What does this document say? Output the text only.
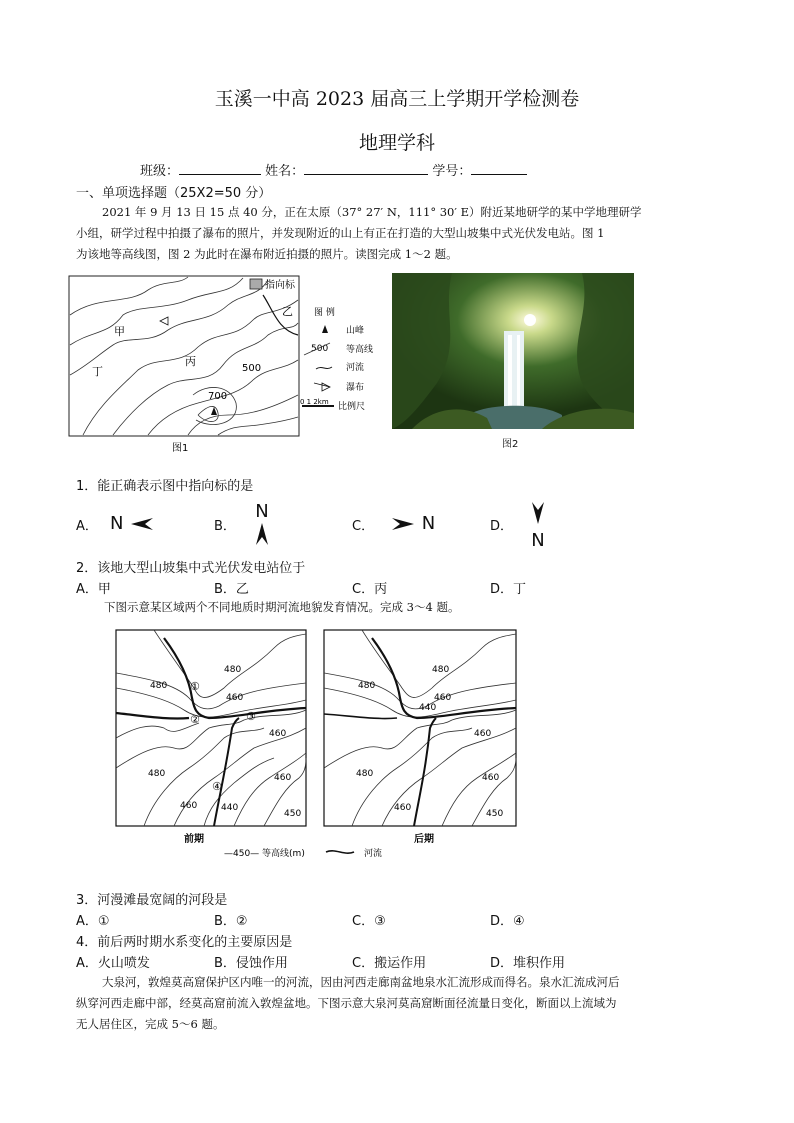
玉溪一中高 2023 届高三上学期开学检测卷
地理学科
班级：	姓名：	学号：
一、单项选择题（25X2=50 分）
2021 年 9 月 13 日 15 点 40 分，正在太原（37° 27′ N，111° 30′ E）附近某地研学的某中学地理研学
小组，研学过程中拍摄了瀑布的照片，并发现附近的山上有正在打造的大型山坡集中式光伏发电站。图 1
为该地等高线图，图 2 为此时在瀑布附近拍摄的照片。读图完成 1～2 题。
指向标
甲
乙
丙
丁	500
700
图 例
山峰
500 等高线
河流
瀑布
0 1 2km 比例尺
图1	图2
1．能正确表示图中指向标的是
A． N	B．
N
C．	N	D．
N
2．该地大型山坡集中式光伏发电站位于
A．甲	B．乙	C．丙	D．丁
下图示意某区域两个不同地质时期河流地貌发育情况。完成 3～4 题。
①
②	③
④
480
480
460
460
460
480
460	440
450
480
480
460
440
460
460
480
460
450
前期	后期
—450— 等高线(m)	河流
3．河漫滩最宽阔的河段是
A．①	B．②	C．③	D．④
4．前后两时期水系变化的主要原因是
A．火山喷发	B．侵蚀作用	C．搬运作用	D．堆积作用
大泉河，敦煌莫高窟保护区内唯一的河流，因由河西走廊南盆地泉水汇流形成而得名。泉水汇流成河后
纵穿河西走廊中部，经莫高窟前流入敦煌盆地。下图示意大泉河莫高窟断面径流量日变化，断面以上流域为
无人居住区，完成 5～6 题。
